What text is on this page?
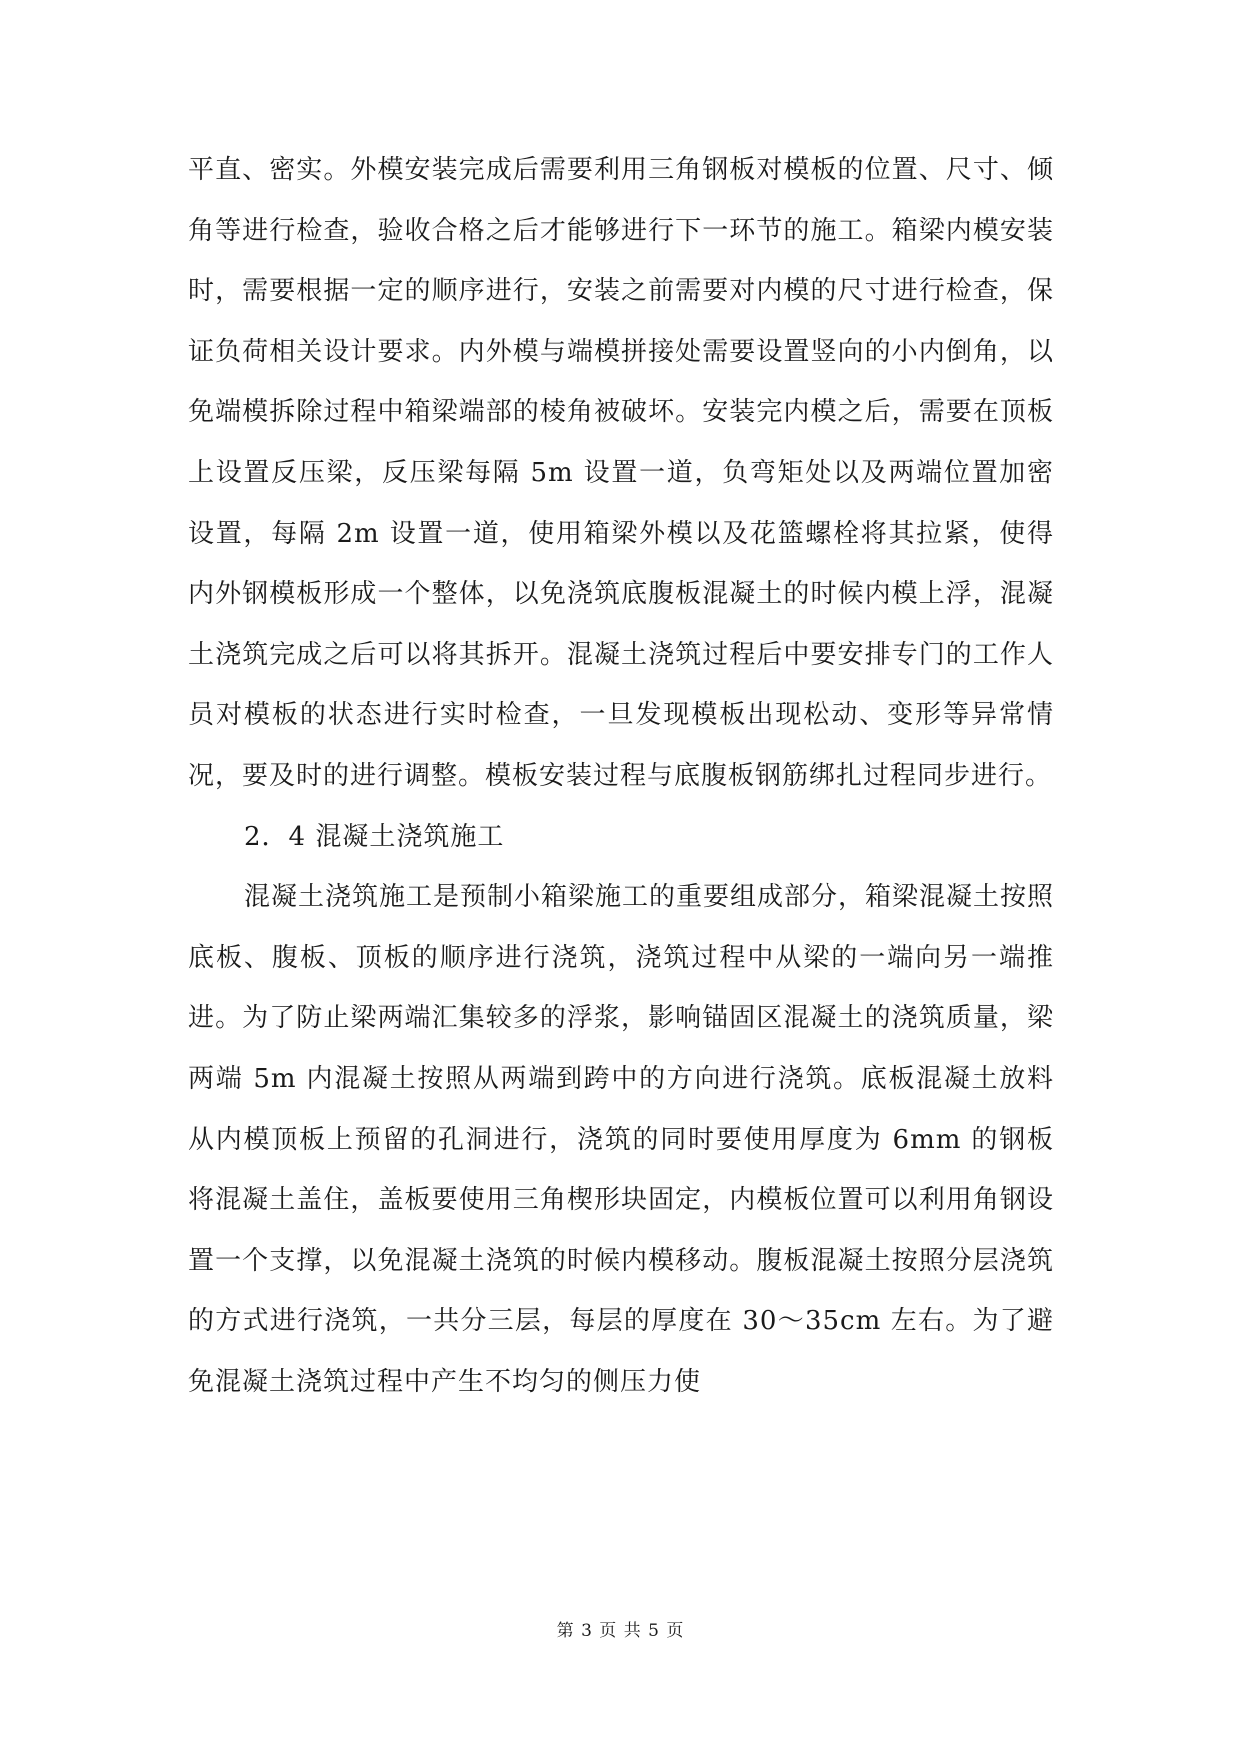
平直、密实。外模安装完成后需要利用三角钢板对模板的位置、尺寸、倾角等进行检查，验收合格之后才能够进行下一环节的施工。箱梁内模安装时，需要根据一定的顺序进行，安装之前需要对内模的尺寸进行检查，保证负荷相关设计要求。内外模与端模拼接处需要设置竖向的小内倒角，以免端模拆除过程中箱梁端部的棱角被破坏。安装完内模之后，需要在顶板上设置反压梁，反压梁每隔 5m 设置一道，负弯矩处以及两端位置加密设置，每隔 2m 设置一道，使用箱梁外模以及花篮螺栓将其拉紧，使得内外钢模板形成一个整体，以免浇筑底腹板混凝土的时候内模上浮，混凝土浇筑完成之后可以将其拆开。混凝土浇筑过程后中要安排专门的工作人员对模板的状态进行实时检查，一旦发现模板出现松动、变形等异常情况，要及时的进行调整。模板安装过程与底腹板钢筋绑扎过程同步进行。

2．4 混凝土浇筑施工

混凝土浇筑施工是预制小箱梁施工的重要组成部分，箱梁混凝土按照底板、腹板、顶板的顺序进行浇筑，浇筑过程中从梁的一端向另一端推进。为了防止梁两端汇集较多的浮浆，影响锚固区混凝土的浇筑质量，梁两端 5m 内混凝土按照从两端到跨中的方向进行浇筑。底板混凝土放料从内模顶板上预留的孔洞进行，浇筑的同时要使用厚度为 6mm 的钢板将混凝土盖住，盖板要使用三角楔形块固定，内模板位置可以利用角钢设置一个支撑，以免混凝土浇筑的时候内模移动。腹板混凝土按照分层浇筑的方式进行浇筑，一共分三层，每层的厚度在 30～35cm 左右。为了避免混凝土浇筑过程中产生不均匀的侧压力使

第 3 页 共 5 页
